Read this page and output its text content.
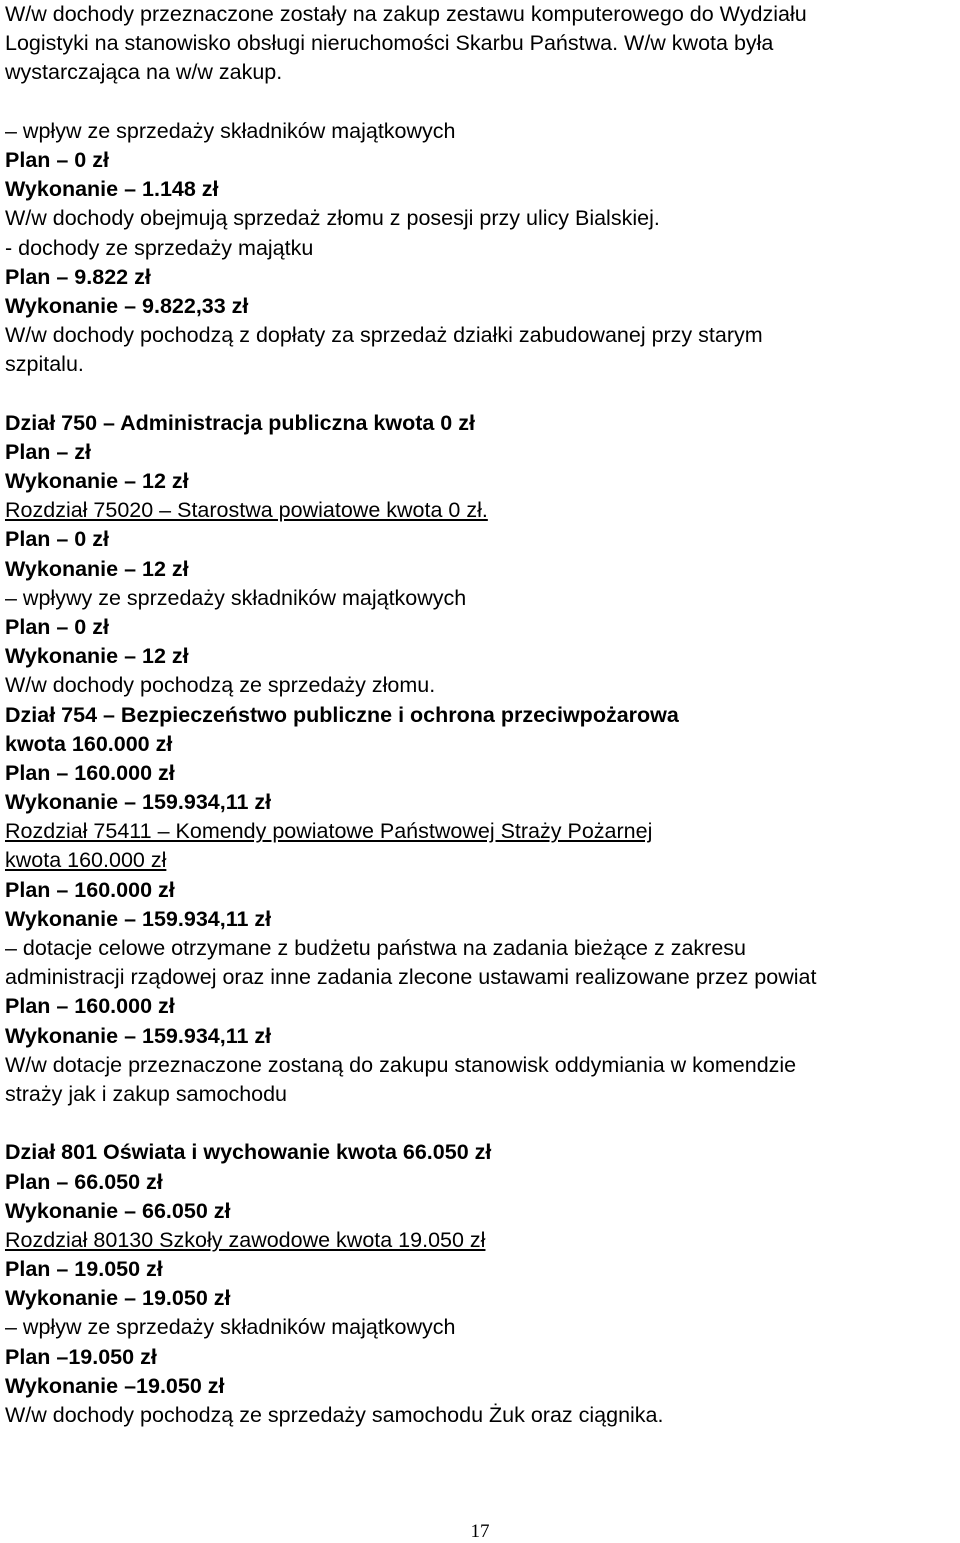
W/w dochody przeznaczone zostały na zakup zestawu komputerowego do Wydziału

Logistyki na stanowisko obsługi nieruchomości Skarbu Państwa. W/w kwota była

wystarczająca na w/w zakup.

– wpływ ze sprzedaży składników majątkowych

Plan – 0 zł

Wykonanie – 1.148 zł

W/w dochody obejmują sprzedaż złomu z posesji przy ulicy Bialskiej.

- dochody ze sprzedaży majątku

Plan – 9.822 zł

Wykonanie – 9.822,33 zł

W/w dochody pochodzą z dopłaty za sprzedaż działki zabudowanej przy starym

szpitalu.

Dział 750 – Administracja publiczna kwota 0 zł

Plan – zł

Wykonanie – 12 zł

Rozdział 75020 – Starostwa powiatowe kwota 0 zł.

Plan – 0 zł

Wykonanie – 12 zł

– wpływy ze sprzedaży składników majątkowych

Plan – 0 zł

Wykonanie – 12 zł

W/w dochody pochodzą ze sprzedaży złomu.

Dział 754 – Bezpieczeństwo publiczne i ochrona przeciwpożarowa

kwota 160.000 zł

Plan – 160.000 zł

Wykonanie – 159.934,11 zł

Rozdział 75411 – Komendy powiatowe Państwowej Straży Pożarnej

kwota 160.000 zł

Plan – 160.000 zł

Wykonanie – 159.934,11 zł

– dotacje celowe otrzymane z budżetu państwa na zadania bieżące z zakresu

administracji rządowej oraz inne zadania zlecone ustawami realizowane przez powiat

Plan – 160.000 zł

Wykonanie – 159.934,11 zł

W/w dotacje przeznaczone zostaną do zakupu stanowisk oddymiania w komendzie

straży jak i zakup samochodu

Dział 801 Oświata i wychowanie kwota 66.050 zł

Plan – 66.050 zł

Wykonanie – 66.050 zł

Rozdział 80130 Szkoły zawodowe kwota 19.050 zł

Plan – 19.050 zł

Wykonanie – 19.050 zł

– wpływ ze sprzedaży składników majątkowych

Plan –19.050 zł

Wykonanie –19.050 zł

W/w dochody pochodzą ze sprzedaży samochodu Żuk oraz ciągnika.

17
